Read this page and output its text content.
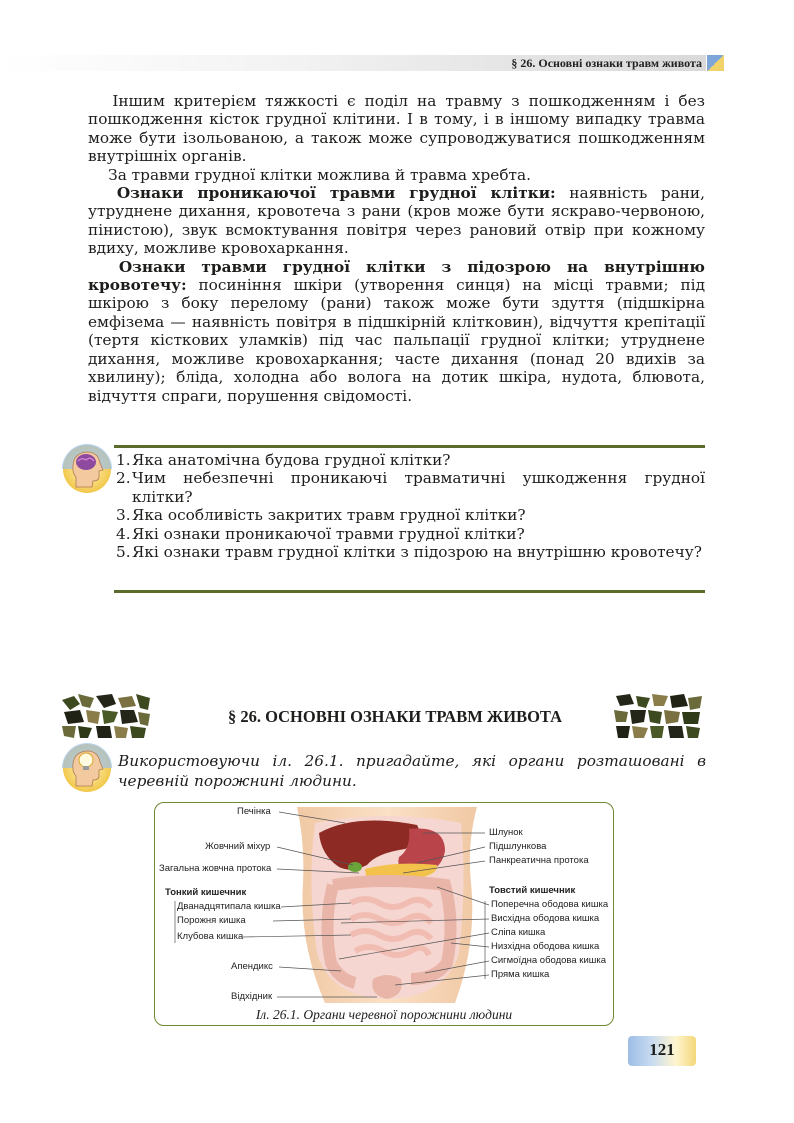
§ 26. Основні ознаки травм живота

  Іншим критерієм тяжкості є поділ на травму з пошкодженням і без пошкодження кісток грудної клітини. І в тому, і в іншому випадку травма може бути ізольованою, а також може супроводжуватися пошкодженням внутрішніх органів.

  За травми грудної клітки можлива й травма хребта.

  Ознаки проникаючої травми грудної клітки: наявність рани, утруднене дихання, кровотеча з рани (кров може бути яскраво-червоною, пінистою), звук всмоктування повітря через рановий отвір при кожному вдиху, можливе кровохаркання.

  Ознаки травми грудної клітки з підозрою на внутрішню кровотечу: посиніння шкіри (утворення синця) на місці травми; під шкірою з боку перелому (рани) також може бути здуття (підшкірна емфізема — наявність повітря в підшкірній клітковин), відчуття крепітації (тертя кісткових уламків) під час пальпації грудної клітки; утруднене дихання, можливе кровохаркання; часте дихання (понад 20 вдихів за хвилину); бліда, холодна або волога на дотик шкіра, нудота, блювота, відчуття спраги, порушення свідомості.

1. Яка анатомічна будова грудної клітки?
2. Чим небезпечні проникаючі травматичні ушкодження грудної клітки?
3. Яка особливість закритих травм грудної клітки?
4. Які ознаки проникаючої травми грудної клітки?
5. Які ознаки травм грудної клітки з підозрою на внутрішню кровотечу?
§ 26. ОСНОВНІ ОЗНАКИ ТРАВМ ЖИВОТА
Використовуючи іл. 26.1. пригадайте, які органи розташовані в черевній порожнині людини.
Печінка
Жовчний міхур
Загальна жовчна протока
Тонкий кишечник
Дванадцятипала кишка
Порожня кишка
Клубова кишка
Апендикс
Відхідник
Шлунок
Підшлункова
Панкреатична протока
Товстий кишечник
Поперечна ободова кишка
Висхідна ободова кишка
Сліпа кишка
Низхідна ободова кишка
Сигмоїдна ободова кишка
Пряма кишка
Іл. 26.1. Органи черевної порожнини людини
121
